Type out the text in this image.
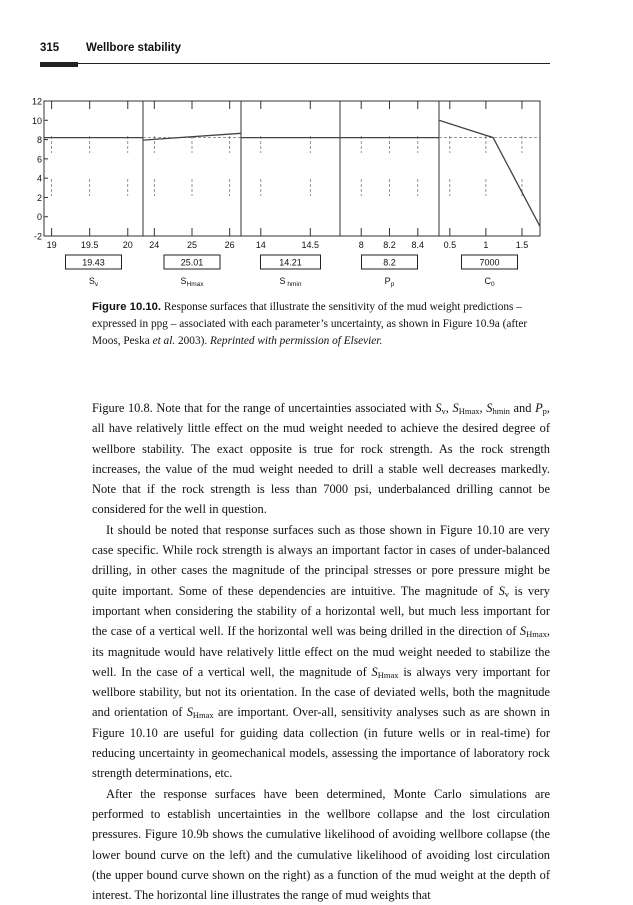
315 Wellbore stability
12
10
8
6
4
2
0
-2
19	19.5	20
19.43
$S_v$
24	25	26
25.01
$S_{Hmax}$
14	14.5
14.21
S $_{hmin}$
8 8.2 8.4
8.2
$P_p$
0.5	1	1.5
7000
$C_0$
Figure 10.10. Response surfaces that illustrate the sensitivity of the mud weight predictions – expressed in ppg – associated with each parameter’s uncertainty, as shown in Figure 10.9a (after Moos, Peska et al. 2003). Reprinted with permission of Elsevier.

Figure 10.8. Note that for the range of uncertainties associated with $S_v$, $S_{Hmax}$, $S_{hmin}$ and $P_p$, all have relatively little effect on the mud weight needed to achieve the desired degree of wellbore stability. The exact opposite is true for rock strength. As the rock strength increases, the value of the mud weight needed to drill a stable well decreases markedly. Note that if the rock strength is less than 7000 psi, underbalanced drilling cannot be considered for the well in question.

It should be noted that response surfaces such as those shown in Figure 10.10 are very case specific. While rock strength is always an important factor in cases of under-balanced drilling, in other cases the magnitude of the principal stresses or pore pressure might be quite important. Some of these dependencies are intuitive. The magnitude of $S_v$ is very important when considering the stability of a horizontal well, but much less important for the case of a vertical well. If the horizontal well was being drilled in the direction of $S_{Hmax}$, its magnitude would have relatively little effect on the mud weight needed to stabilize the well. In the case of a vertical well, the magnitude of $S_{Hmax}$ is always very important for wellbore stability, but not its orientation. In the case of deviated wells, both the magnitude and orientation of $S_{Hmax}$ are important. Over-all, sensitivity analyses such as are shown in Figure 10.10 are useful for guiding data collection (in future wells or in real-time) for reducing uncertainty in geomechanical models, assessing the importance of laboratory rock strength determinations, etc.

After the response surfaces have been determined, Monte Carlo simulations are performed to establish uncertainties in the wellbore collapse and the lost circulation pressures. Figure 10.9b shows the cumulative likelihood of avoiding wellbore collapse (the lower bound curve on the left) and the cumulative likelihood of avoiding lost circulation (the upper bound curve shown on the right) as a function of the mud weight at the depth of interest. The horizontal line illustrates the range of mud weights that
